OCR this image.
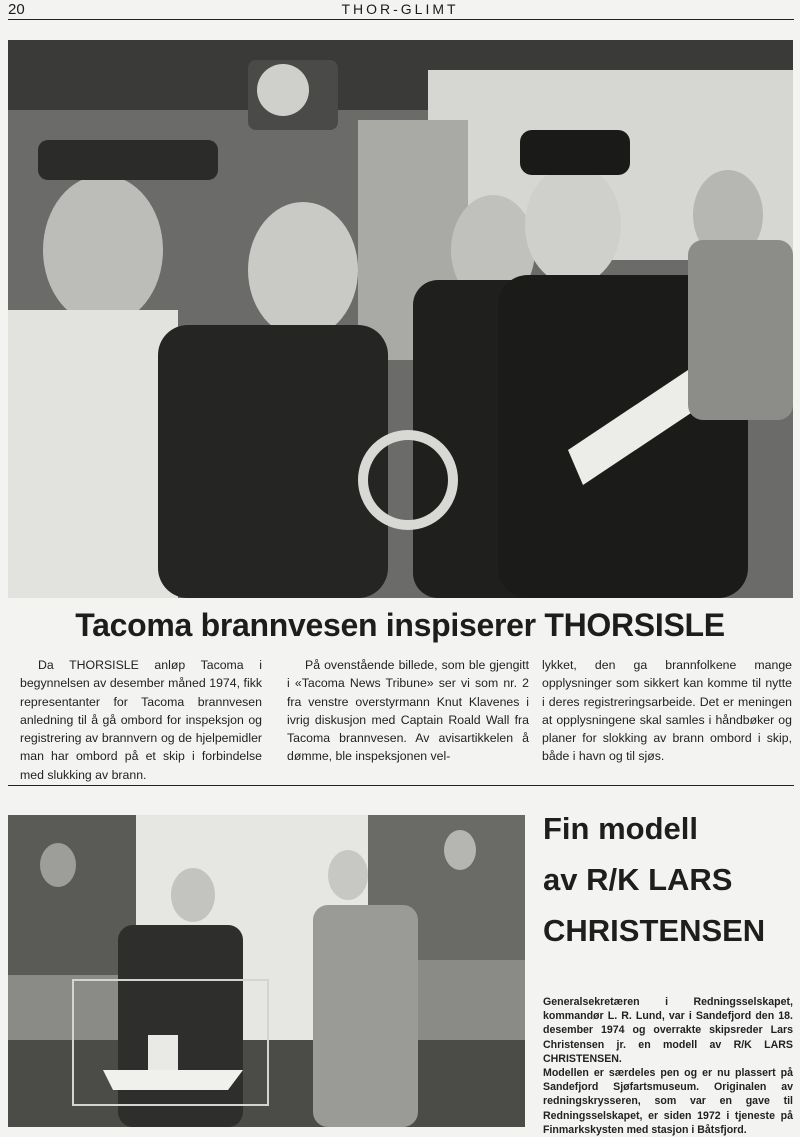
20	THOR-GLIMT
Tacoma brannvesen inspiserer THORSISLE

Da THORSISLE anløp Tacoma i begynnelsen av desember måned 1974, fikk representanter for Tacoma brannvesen anledning til å gå ombord for inspeksjon og registrering av brannvern og de hjelpemidler man har ombord på et skip i forbindelse med slukking av brann.

På ovenstående billede, som ble gjengitt i «Tacoma News Tribune» ser vi som nr. 2 fra venstre overstyrmann Knut Klavenes i ivrig diskusjon med Captain Roald Wall fra Tacoma brannvesen. Av avisartikkelen å dømme, ble inspeksjonen vel-

lykket, den ga brannfolkene mange opplysninger som sikkert kan komme til nytte i deres registreringsarbeide. Det er meningen at opplysningene skal samles i håndbøker og planer for slokking av brann ombord i skip, både i havn og til sjøs.

Fin modell
av R/K LARS
CHRISTENSEN

Generalsekretæren i Redningsselskapet, kommandør L. R. Lund, var i Sandefjord den 18. desember 1974 og overrakte skipsreder Lars Christensen jr. en modell av R/K LARS CHRISTENSEN.

Modellen er særdeles pen og er nu plassert på Sandefjord Sjøfartsmuseum. Originalen av redningskrysseren, som var en gave til Redningsselskapet, er siden 1972 i tjeneste på Finmarkskysten med stasjon i Båtsfjord.
